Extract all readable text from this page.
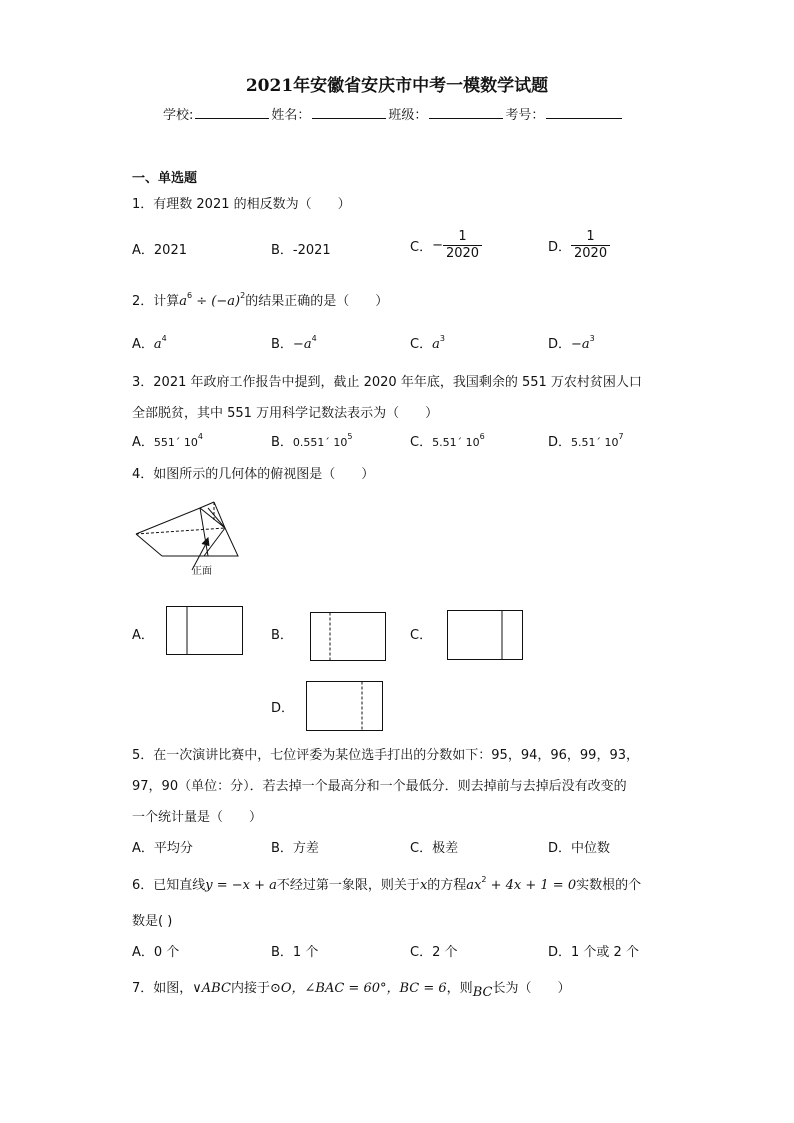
2021年安徽省安庆市中考一模数学试题
学校:	姓名：	班级：	考号：
一、单选题
1．有理数 2021 的相反数为（　　）
A．2021	B．-2021	C．− $\frac{1}{2020}$	D． $\frac{1}{2020}$
2．计算$a^6 \div (-a)^2$的结果正确的是（　　）
A．$a^4$	B．$-a^4$	C．$a^3$	D．$-a^3$
3．2021 年政府工作报告中提到，截止 2020 年年底，我国剩余的 551 万农村贫困人口
全部脱贫，其中 551 万用科学记数法表示为（　　）
A．551´ $10^4$	B．0.551´ $10^5$	C．5.51´ $10^6$	D．5.51´ $10^7$
4．如图所示的几何体的俯视图是（　　）
正面
A．	B．	C．
D．
5．在一次演讲比赛中，七位评委为某位选手打出的分数如下：95，94，96，99，93，
97，90（单位：分）．若去掉一个最高分和一个最低分．则去掉前与去掉后没有改变的
一个统计量是（　　）
A．平均分	B．方差	C．极差	D．中位数
6．已知直线y = −x + a不经过第一象限，则关于x的方程$ax^2 + 4x + 1 = 0$实数根的个
数是( )
A．0 个	B．1 个	C．2 个	D．1 个或 2 个
7．如图，∨ABC内接于⊙O，∠BAC = 60°，BC = 6，则BC长为（　　）
